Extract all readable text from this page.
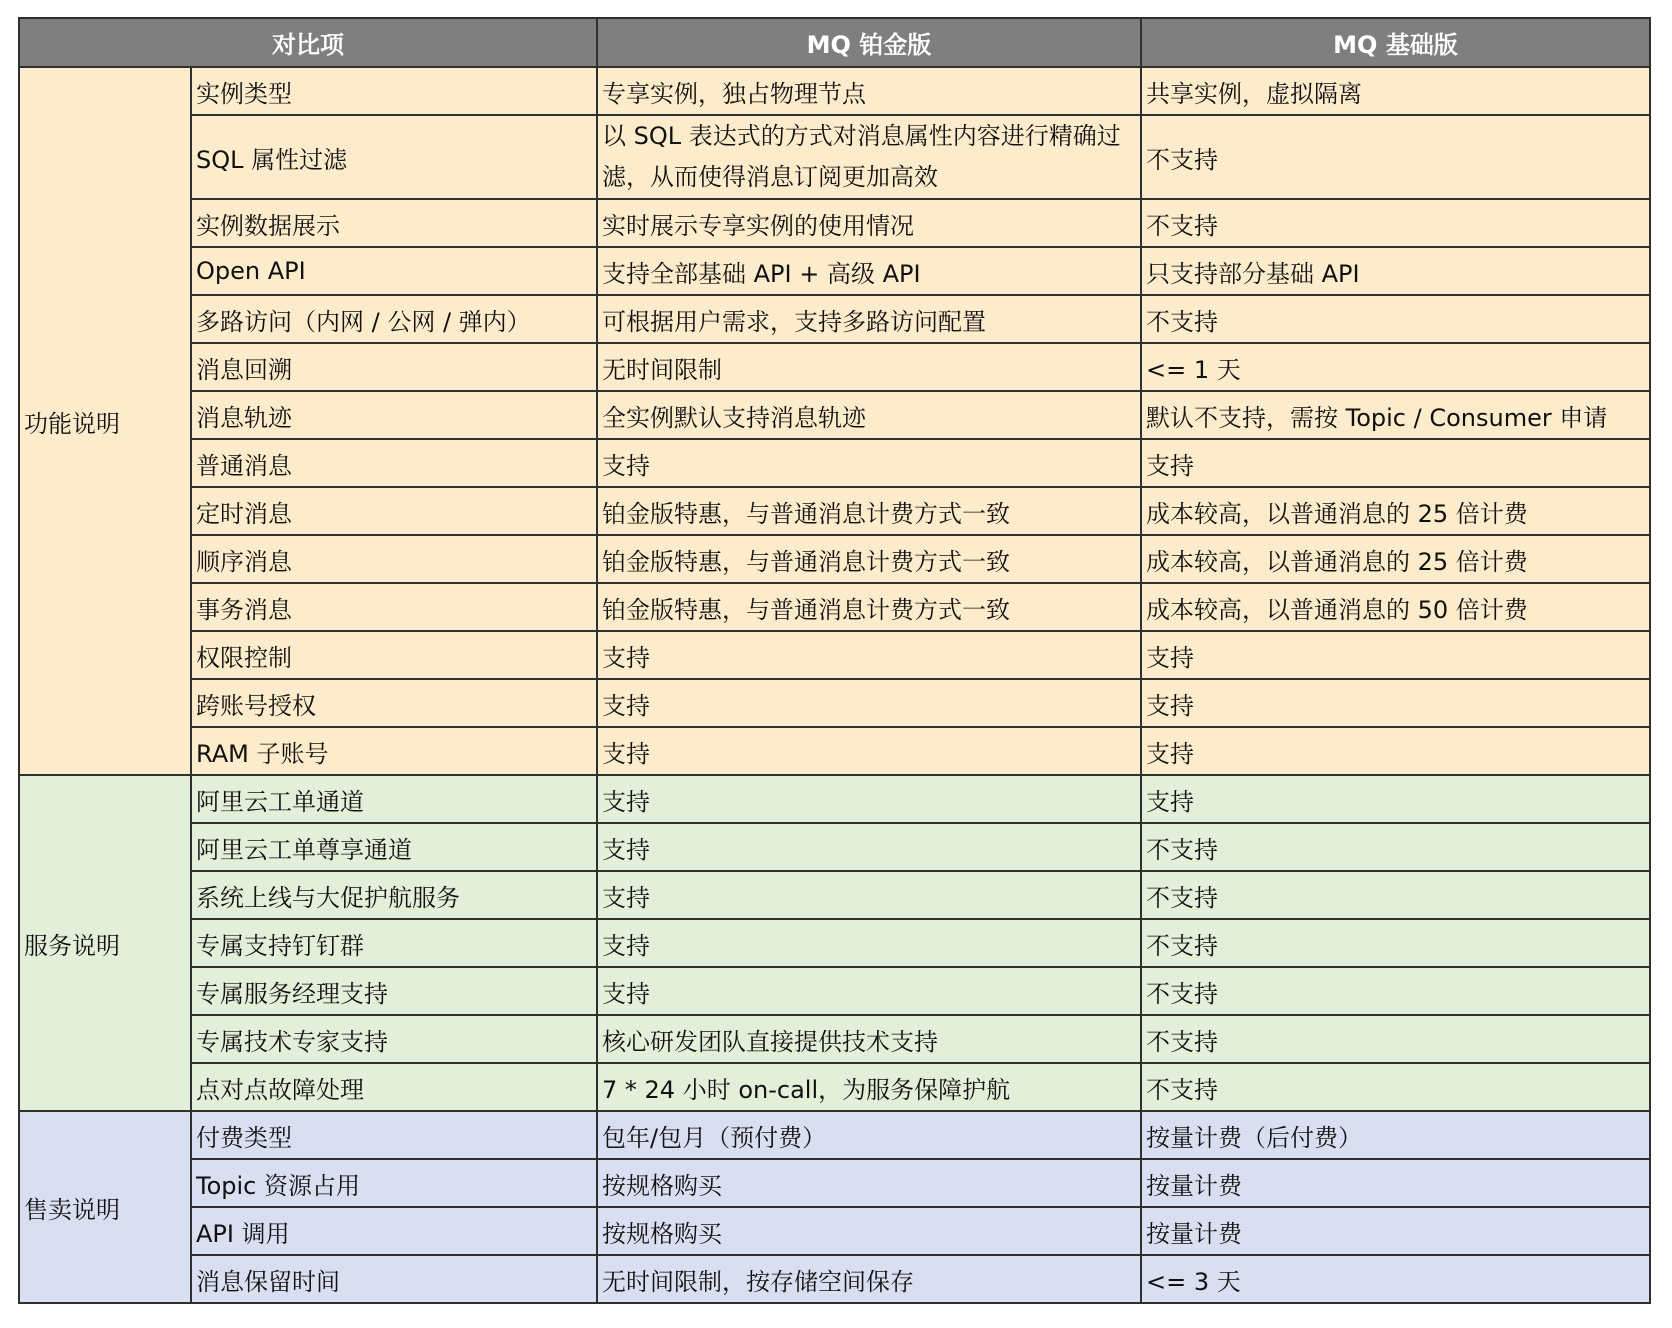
对比项		MQ 铂金版	MQ 基础版
功能说明	实例类型	专享实例，独占物理节点	共享实例，虚拟隔离
	SQL 属性过滤	以 SQL 表达式的方式对消息属性内容进行精确过滤，从而使得消息订阅更加高效	不支持
	实例数据展示	实时展示专享实例的使用情况	不支持
	Open API	支持全部基础 API + 高级 API	只支持部分基础 API
	多路访问（内网 / 公网 / 弹内）	可根据用户需求，支持多路访问配置	不支持
	消息回溯	无时间限制	<= 1 天
	消息轨迹	全实例默认支持消息轨迹	默认不支持，需按 Topic / Consumer 申请
	普通消息	支持	支持
	定时消息	铂金版特惠，与普通消息计费方式一致	成本较高，以普通消息的 25 倍计费
	顺序消息	铂金版特惠，与普通消息计费方式一致	成本较高，以普通消息的 25 倍计费
	事务消息	铂金版特惠，与普通消息计费方式一致	成本较高，以普通消息的 50 倍计费
	权限控制	支持	支持
	跨账号授权	支持	支持
	RAM 子账号	支持	支持
服务说明	阿里云工单通道	支持	支持
	阿里云工单尊享通道	支持	不支持
	系统上线与大促护航服务	支持	不支持
	专属支持钉钉群	支持	不支持
	专属服务经理支持	支持	不支持
	专属技术专家支持	核心研发团队直接提供技术支持	不支持
	点对点故障处理	7 * 24 小时 on-call，为服务保障护航	不支持
售卖说明	付费类型	包年/包月（预付费）	按量计费（后付费）
	Topic 资源占用	按规格购买	按量计费
	API 调用	按规格购买	按量计费
	消息保留时间	无时间限制，按存储空间保存	<= 3 天
